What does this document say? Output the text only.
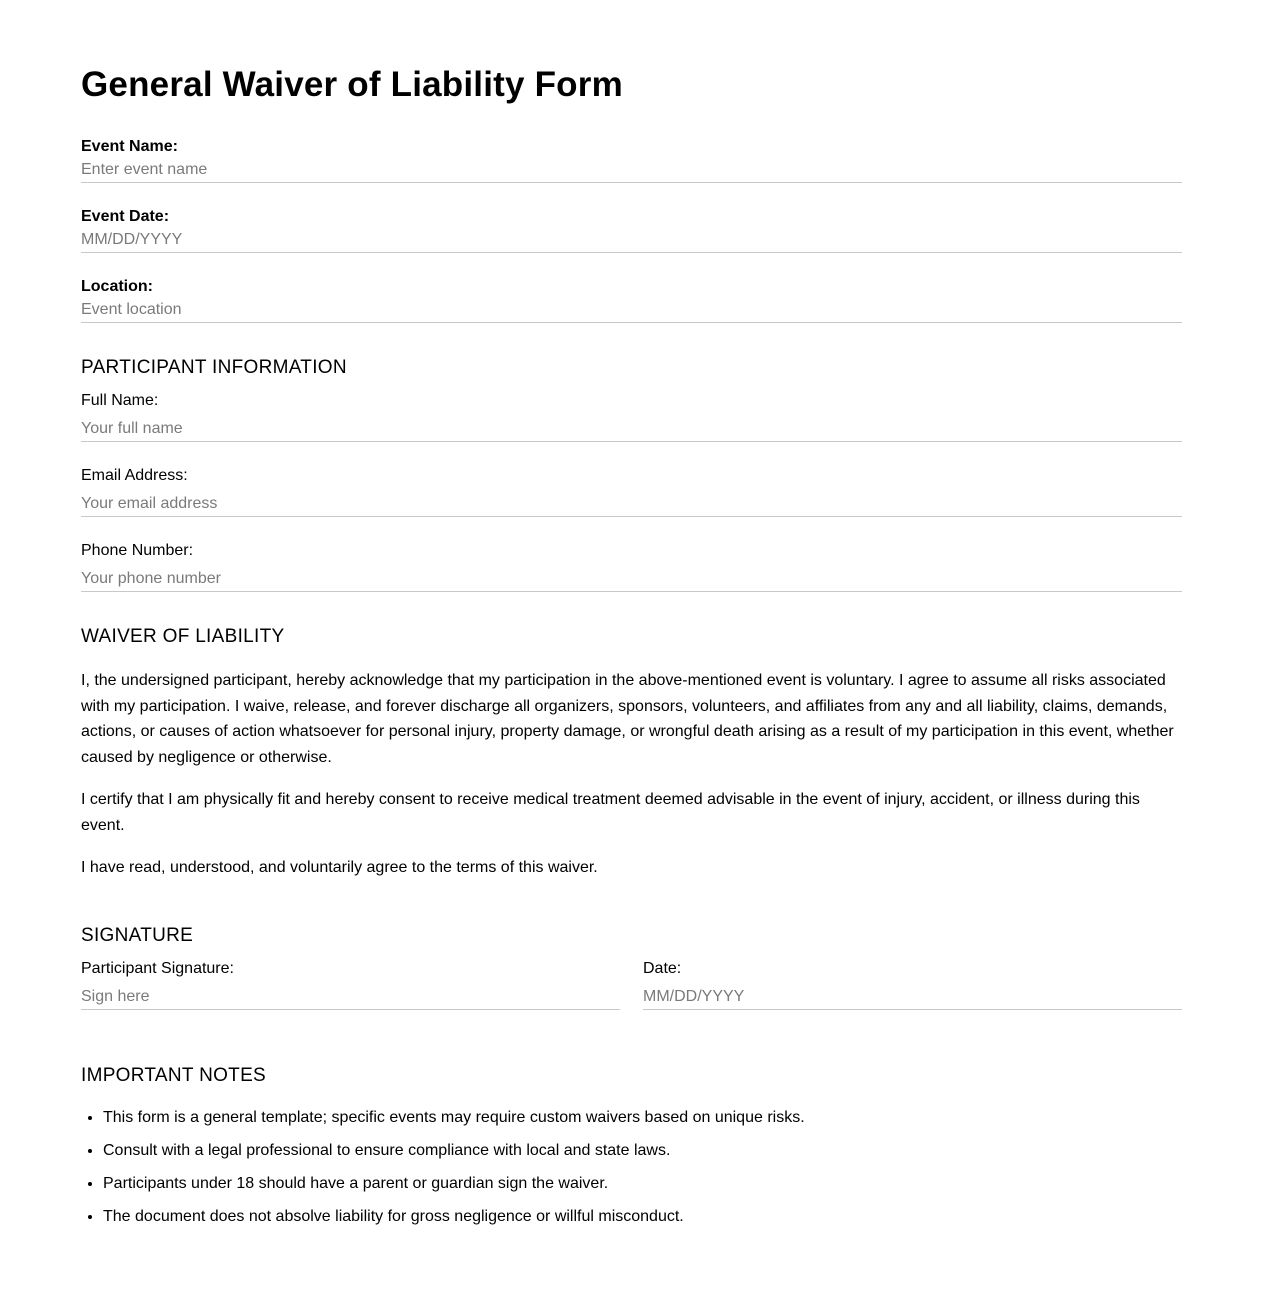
General Waiver of Liability Form
Event Name:
Enter event name
Event Date:
MM/DD/YYYY
Location:
Event location
PARTICIPANT INFORMATION
Full Name:
Your full name
Email Address:
Your email address
Phone Number:
Your phone number
WAIVER OF LIABILITY

I, the undersigned participant, hereby acknowledge that my participation in the above-mentioned event is voluntary. I agree to assume all risks associated with my participation. I waive, release, and forever discharge all organizers, sponsors, volunteers, and affiliates from any and all liability, claims, demands, actions, or causes of action whatsoever for personal injury, property damage, or wrongful death arising as a result of my participation in this event, whether caused by negligence or otherwise.

I certify that I am physically fit and hereby consent to receive medical treatment deemed advisable in the event of injury, accident, or illness during this event.

I have read, understood, and voluntarily agree to the terms of this waiver.

SIGNATURE
Participant Signature:
Sign here	Date:
MM/DD/YYYY
IMPORTANT NOTES
• This form is a general template; specific events may require custom waivers based on unique risks.
• Consult with a legal professional to ensure compliance with local and state laws.
• Participants under 18 should have a parent or guardian sign the waiver.
• The document does not absolve liability for gross negligence or willful misconduct.
